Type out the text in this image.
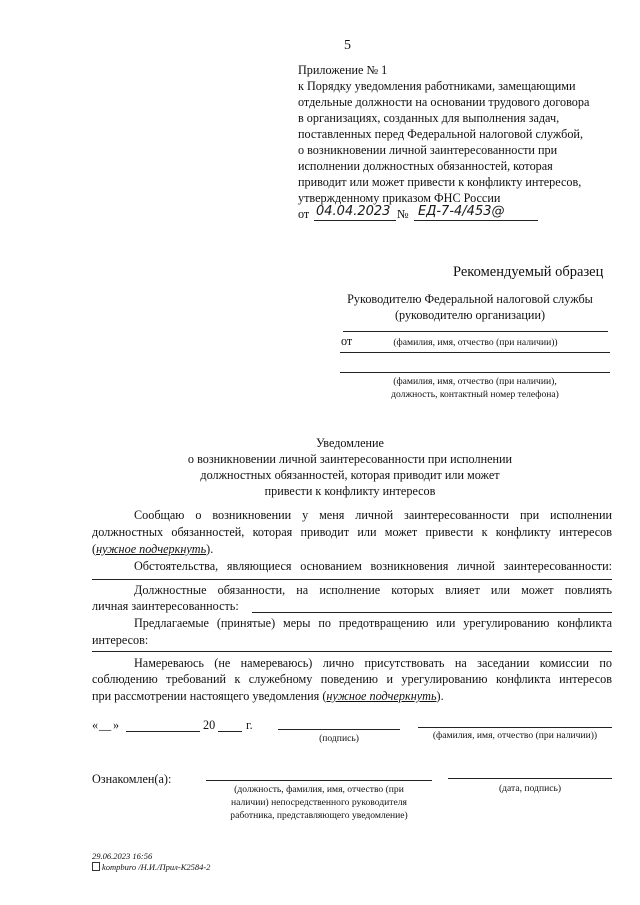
5
Приложение № 1
к Порядку уведомления работниками, замещающими
отдельные должности на основании трудового договора
в организациях, созданных для выполнения задач,
поставленных перед Федеральной налоговой службой,
о возникновении личной заинтересованности при
исполнении должностных обязанностей, которая
приводит или может привести к конфликту интересов,
утвержденному приказом ФНС России
от 04.04.2023 № ЕД-7-4/453@
Рекомендуемый образец
Руководителю Федеральной налоговой службы
(руководителю организации)
(фамилия, имя, отчество (при наличии))
от
(фамилия, имя, отчество (при наличии),
должность, контактный номер телефона)
Уведомление
о возникновении личной заинтересованности при исполнении
должностных обязанностей, которая приводит или может
привести к конфликту интересов
Сообщаю о возникновении у меня личной заинтересованности при исполнении
должностных обязанностей, которая приводит или может привести к конфликту интересов
(нужное подчеркнуть).
Обстоятельства, являющиеся основанием возникновения личной заинтересованности:
Должностные обязанности, на исполнение которых влияет или может повлиять
личная заинтересованность:
Предлагаемые (принятые) меры по предотвращению или урегулированию конфликта
интересов:
Намереваюсь (не намереваюсь) лично присутствовать на заседании комиссии по
соблюдению требований к служебному поведению и урегулированию конфликта интересов
при рассмотрении настоящего уведомления (нужное подчеркнуть).
« __ »	20	г.
(подпись)	(фамилия, имя, отчество (при наличии))
Ознакомлен(а):
(должность, фамилия, имя, отчество (при
наличии) непосредственного руководителя
работника, представляющего уведомление)
(дата, подпись)
29.06.2023 16:56
kompburo /Н.И./Прил-К2584-2
